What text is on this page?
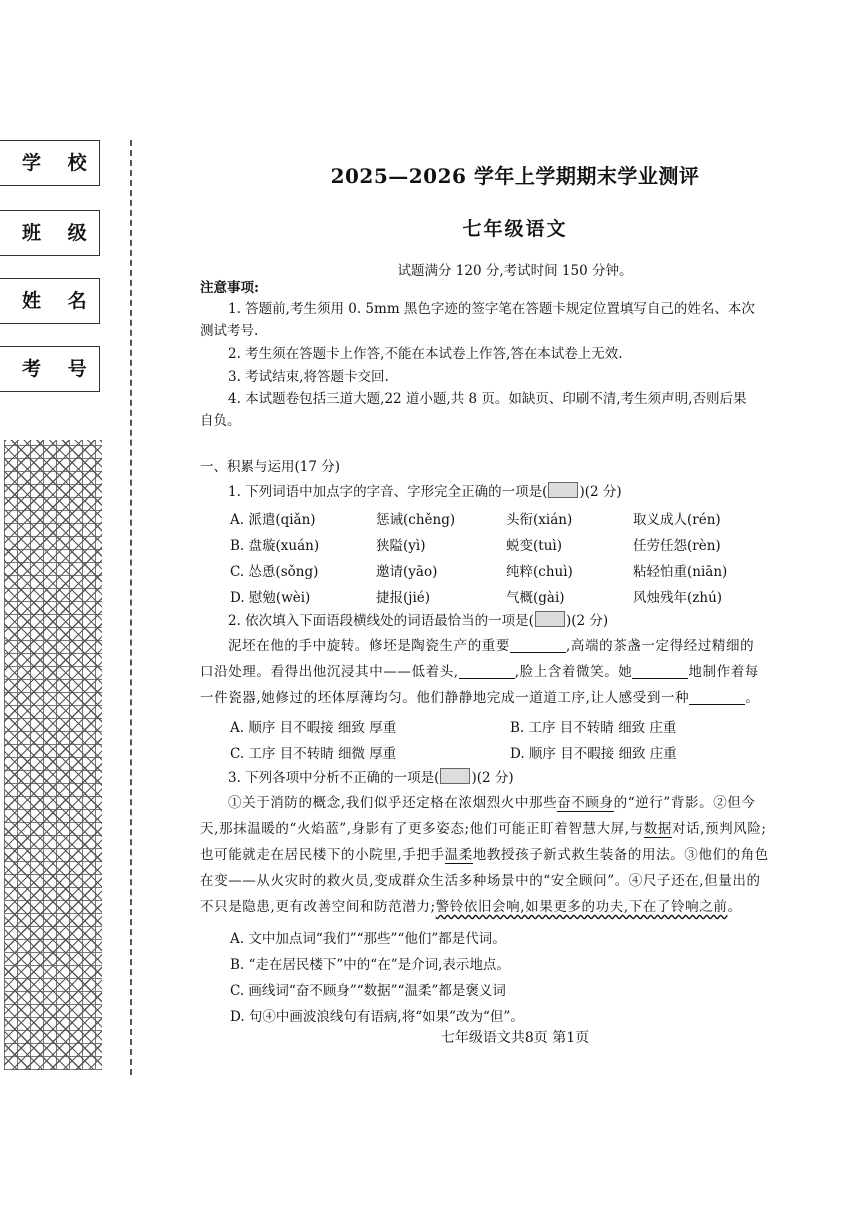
学 校
班 级
姓 名
考 号
2025—2026 学年上学期期末学业测评
七年级语文
试题满分 120 分,考试时间 150 分钟。
注意事项:
1. 答题前,考生须用 0. 5mm 黑色字迹的签字笔在答题卡规定位置填写自己的姓名、本次
测试考号.
2. 考生须在答题卡上作答,不能在本试卷上作答,答在本试卷上无效.
3. 考试结束,将答题卡交回.
4. 本试题卷包括三道大题,22 道小题,共 8 页。如缺页、印刷不清,考生须声明,否则后果
自负。
一、积累与运用(17 分)
1. 下列词语中加点字的字音、字形完全正确的一项是( )(2 分)
A. 派遣(qiǎn)	惩诫(chěng)	头衔(xián)	取义成人(rén)
B. 盘璇(xuán)	狭隘(yì)	蜕变(tuì)	任劳任怨(rèn)
C. 怂恿(sǒng)	邀请(yāo)	纯粹(chuì)	粘轻怕重(niān)
D. 慰勉(wèi)	捷报(jié)	气概(gài)	风烛残年(zhú)
2. 依次填入下面语段横线处的词语最恰当的一项是( )(2 分)
泥坯在他的手中旋转。修坯是陶瓷生产的重要	,高端的茶盏一定得经过精细的
口沿处理。看得出他沉浸其中——低着头,	,脸上含着微笑。她	地制作着每
一件瓷器,她修过的坯体厚薄均匀。他们静静地完成一道道工序,让人感受到一种	。
A. 顺序 目不暇接 细致 厚重	B. 工序 目不转睛 细致 庄重
C. 工序 目不转睛 细微 厚重	D. 顺序 目不暇接 细致 庄重
3. 下列各项中分析不正确的一项是( )(2 分)
①关于消防的概念,我们似乎还定格在浓烟烈火中那些奋不顾身的“逆行”背影。②但今
天,那抹温暖的“火焰蓝”,身影有了更多姿态;他们可能正盯着智慧大屏,与数据对话,预判风险;
也可能就走在居民楼下的小院里,手把手温柔地教授孩子新式救生装备的用法。③他们的角色
在变——从火灾时的救火员,变成群众生活多种场景中的“安全顾问”。④尺子还在,但量出的
不只是隐患,更有改善空间和防范潜力;警铃依旧会响,如果更多的功夫,下在了铃响之前。
A. 文中加点词“我们”“那些”“他们”都是代词。
B. “走在居民楼下”中的“在”是介词,表示地点。
C. 画线词“奋不顾身”“数据”“温柔”都是褒义词
D. 句④中画波浪线句有语病,将“如果”改为“但”。
七年级语文共8页 第1页
